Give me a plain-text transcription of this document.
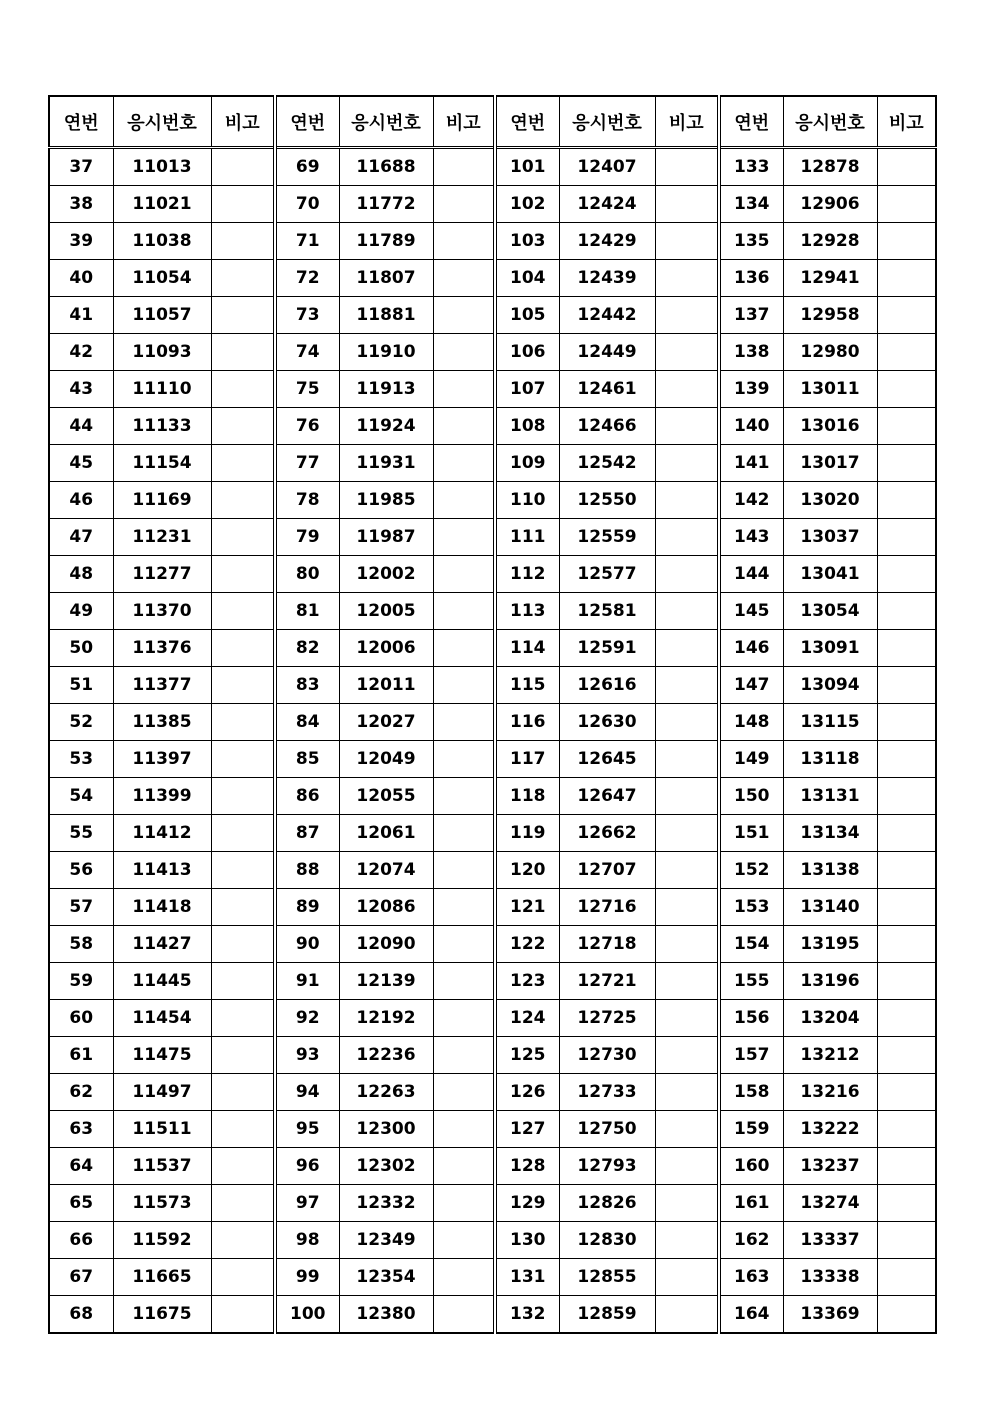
연번	응시번호	비고	연번	응시번호	비고	연번	응시번호	비고	연번	응시번호	비고
37	11013		69	11688		101	12407		133	12878	
38	11021		70	11772		102	12424		134	12906	
39	11038		71	11789		103	12429		135	12928	
40	11054		72	11807		104	12439		136	12941	
41	11057		73	11881		105	12442		137	12958	
42	11093		74	11910		106	12449		138	12980	
43	11110		75	11913		107	12461		139	13011	
44	11133		76	11924		108	12466		140	13016	
45	11154		77	11931		109	12542		141	13017	
46	11169		78	11985		110	12550		142	13020	
47	11231		79	11987		111	12559		143	13037	
48	11277		80	12002		112	12577		144	13041	
49	11370		81	12005		113	12581		145	13054	
50	11376		82	12006		114	12591		146	13091	
51	11377		83	12011		115	12616		147	13094	
52	11385		84	12027		116	12630		148	13115	
53	11397		85	12049		117	12645		149	13118	
54	11399		86	12055		118	12647		150	13131	
55	11412		87	12061		119	12662		151	13134	
56	11413		88	12074		120	12707		152	13138	
57	11418		89	12086		121	12716		153	13140	
58	11427		90	12090		122	12718		154	13195	
59	11445		91	12139		123	12721		155	13196	
60	11454		92	12192		124	12725		156	13204	
61	11475		93	12236		125	12730		157	13212	
62	11497		94	12263		126	12733		158	13216	
63	11511		95	12300		127	12750		159	13222	
64	11537		96	12302		128	12793		160	13237	
65	11573		97	12332		129	12826		161	13274	
66	11592		98	12349		130	12830		162	13337	
67	11665		99	12354		131	12855		163	13338	
68	11675		100	12380		132	12859		164	13369	
